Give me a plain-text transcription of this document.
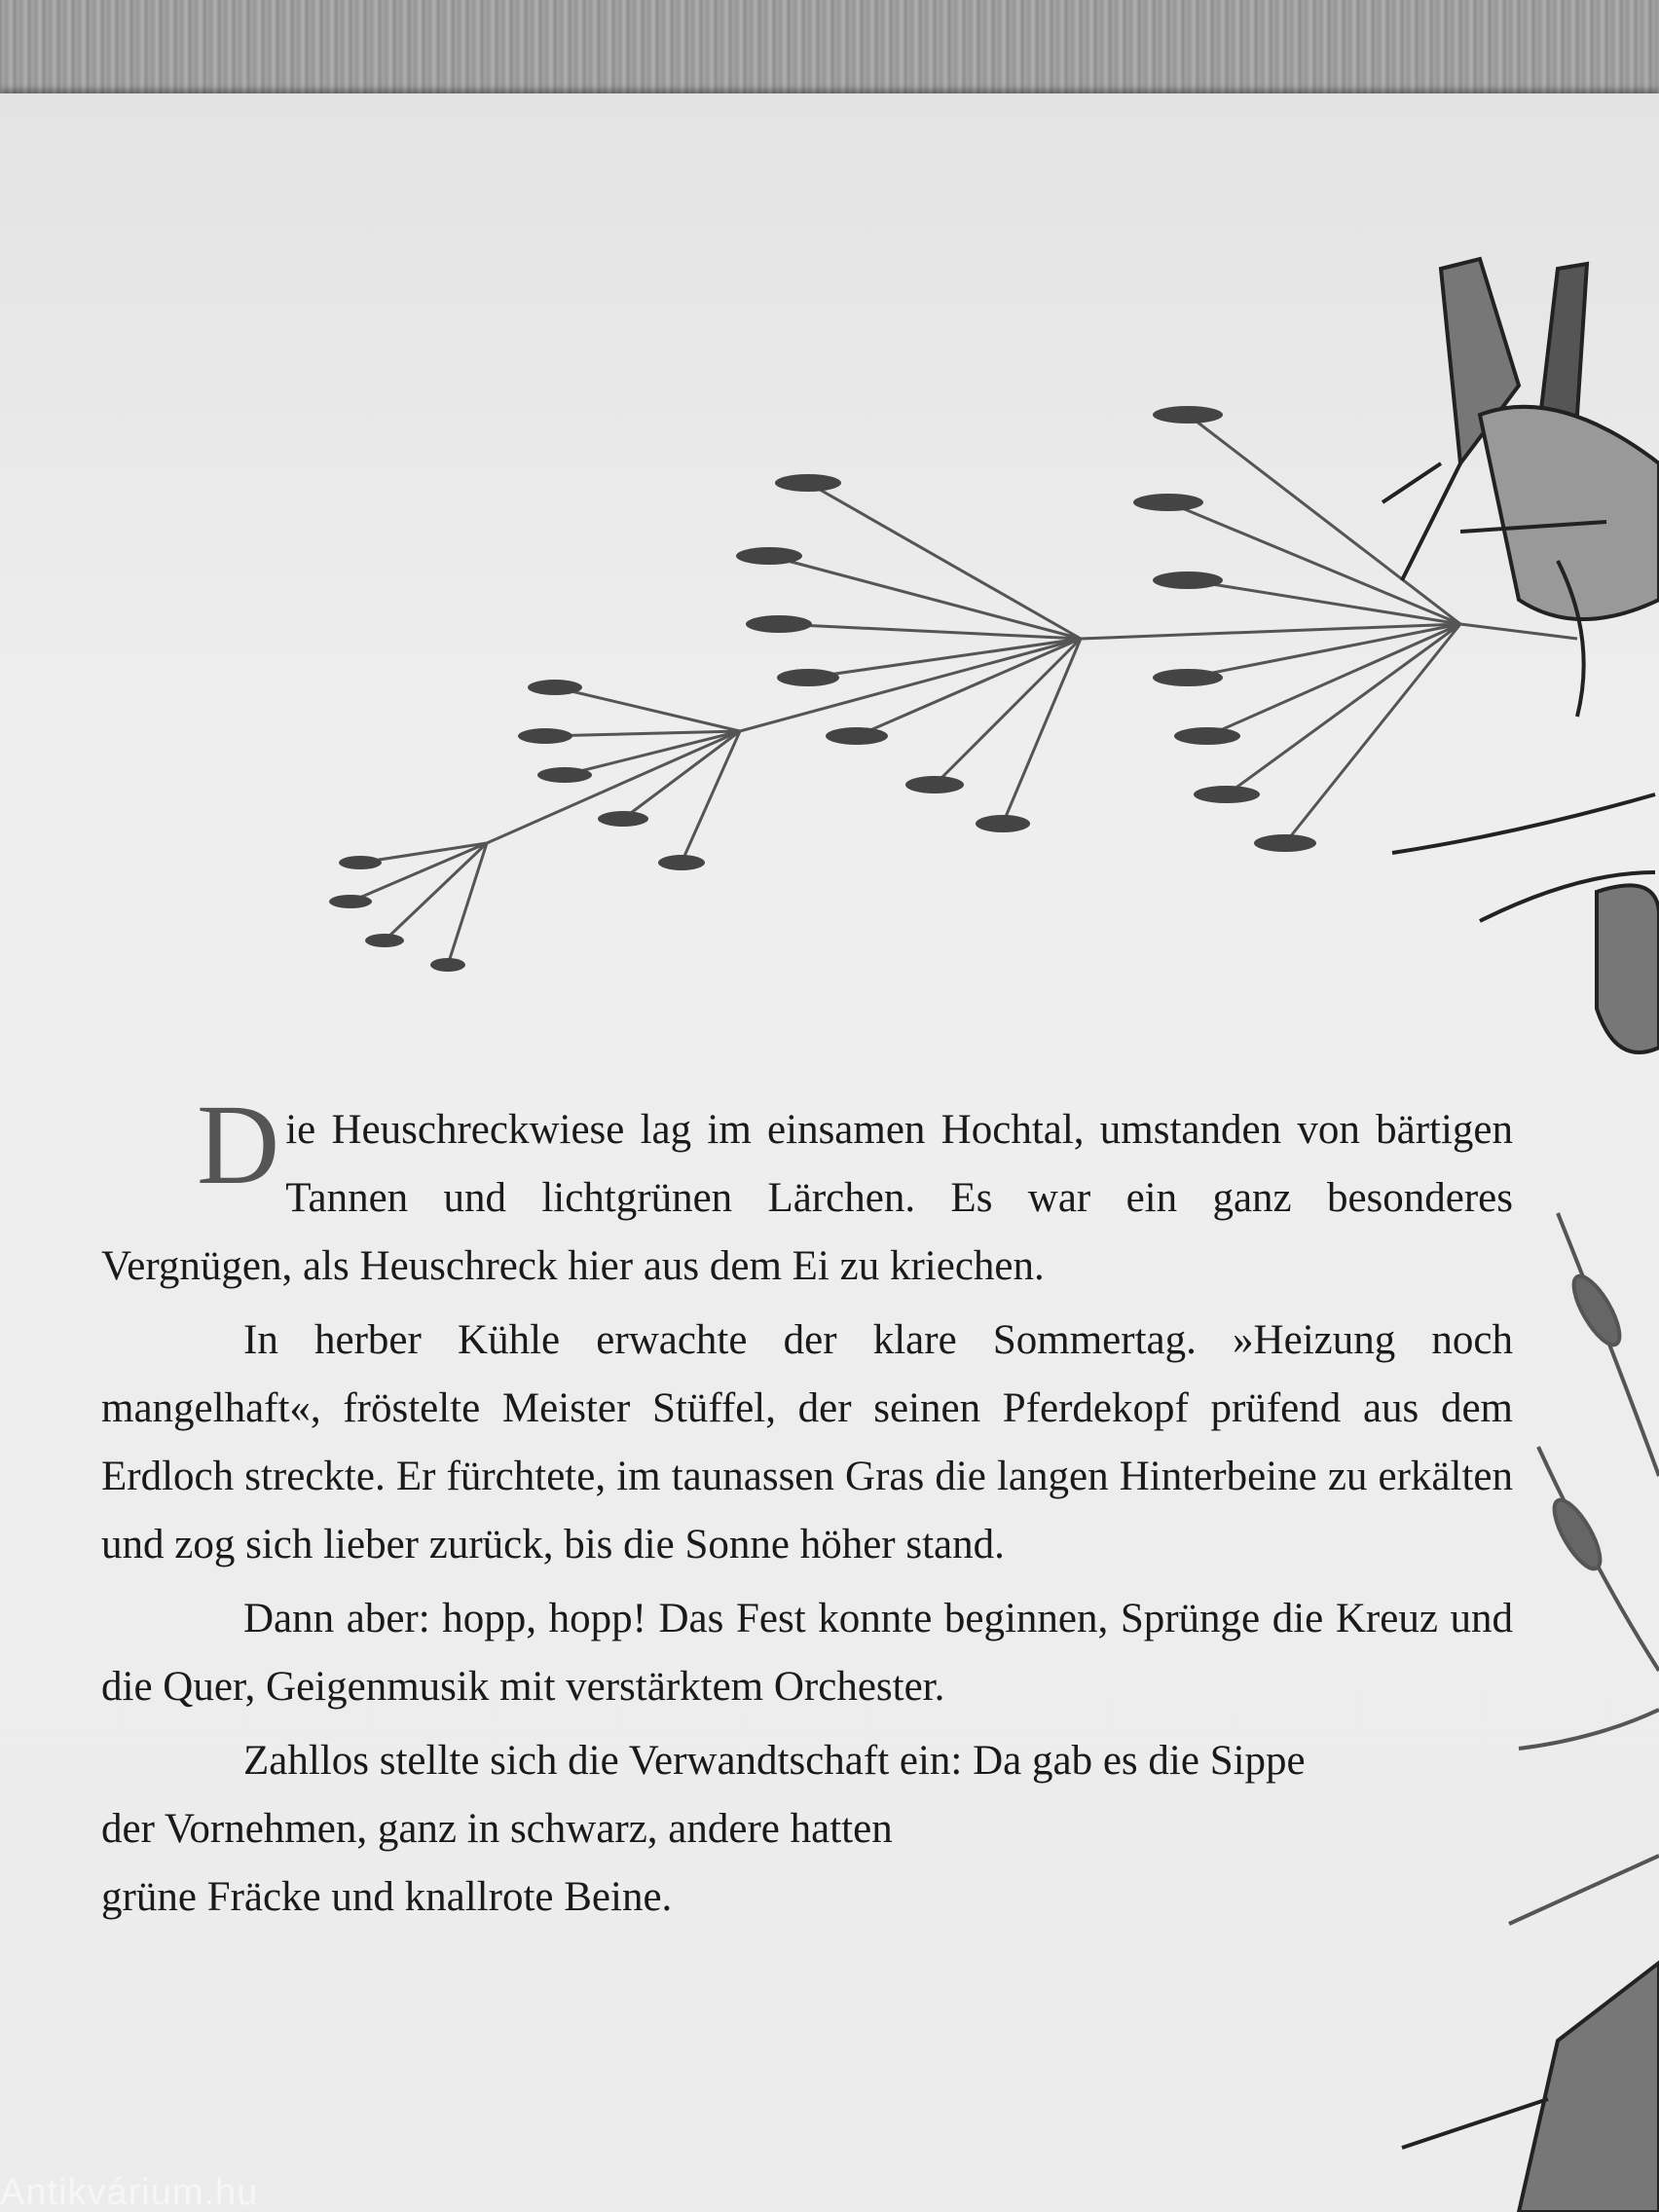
Die Heuschreckwiese lag im einsamen Hochtal, umstanden von bärtigen Tannen und lichtgrünen Lärchen. Es war ein ganz besonderes Vergnügen, als Heuschreck hier aus dem Ei zu kriechen.

In herber Kühle erwachte der klare Sommertag. »Heizung noch mangelhaft«, fröstelte Meister Stüffel, der seinen Pferdekopf prüfend aus dem Erdloch streckte. Er fürchtete, im taunassen Gras die langen Hinterbeine zu erkälten und zog sich lieber zurück, bis die Sonne höher stand.

Dann aber: hopp, hopp! Das Fest konnte beginnen, Sprünge die Kreuz und die Quer, Geigenmusik mit verstärktem Orchester.

Zahllos stellte sich die Verwandtschaft ein: Da gab es die Sippe

der Vornehmen, ganz in schwarz, andere hatten

grüne Fräcke und knallrote Beine.

Antikvárium.hu
